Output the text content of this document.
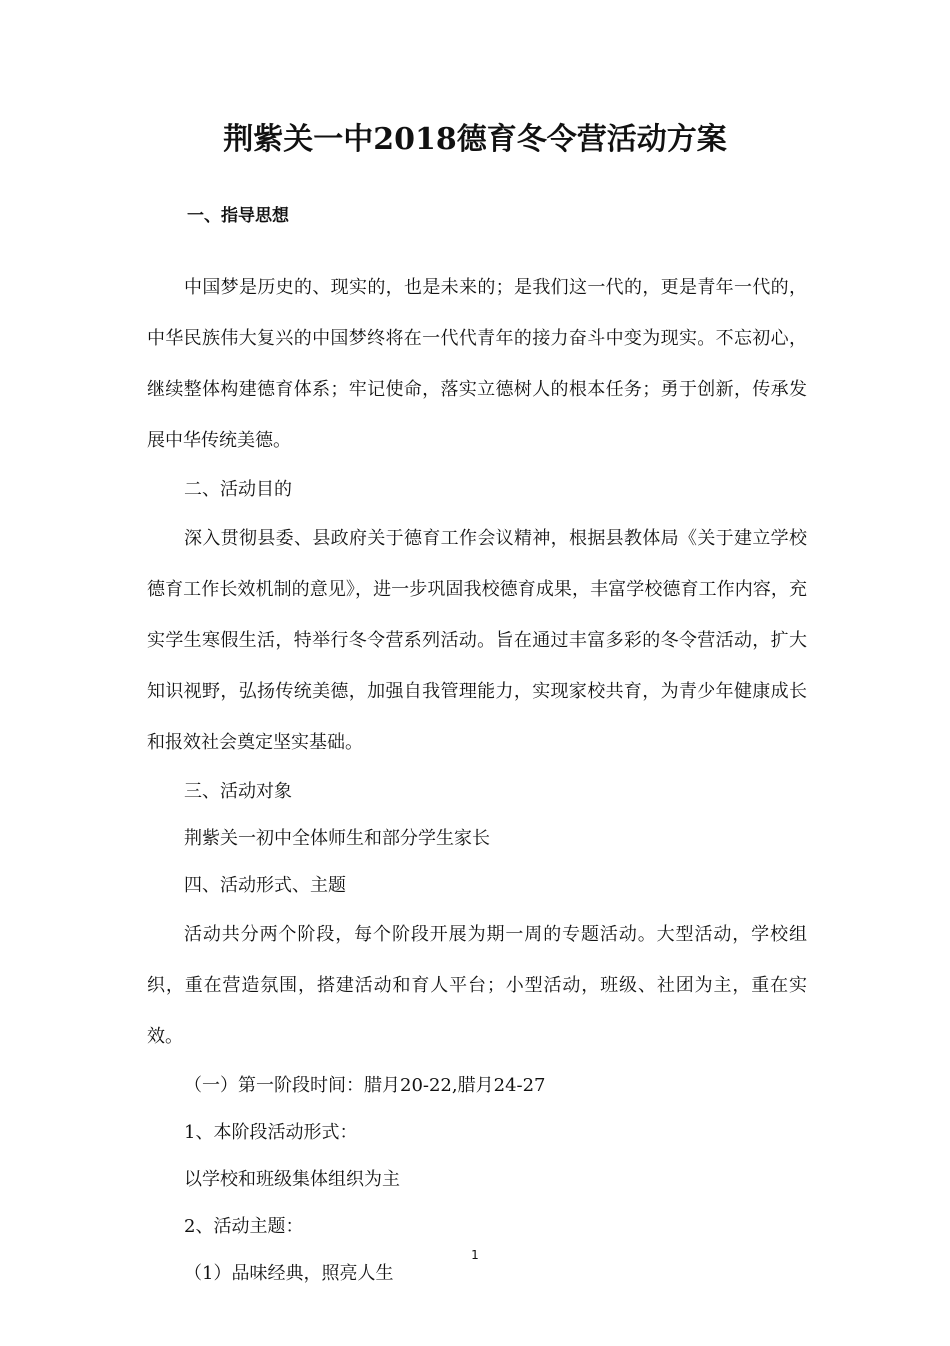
荆紫关一中2018德育冬令营活动方案
一、指导思想

中国梦是历史的、现实的，也是未来的；是我们这一代的，更是青年一代的，中华民族伟大复兴的中国梦终将在一代代青年的接力奋斗中变为现实。不忘初心，继续整体构建德育体系；牢记使命，落实立德树人的根本任务；勇于创新，传承发展中华传统美德。

二、活动目的

深入贯彻县委、县政府关于德育工作会议精神，根据县教体局《关于建立学校德育工作长效机制的意见》，进一步巩固我校德育成果，丰富学校德育工作内容，充实学生寒假生活，特举行冬令营系列活动。旨在通过丰富多彩的冬令营活动，扩大知识视野，弘扬传统美德，加强自我管理能力，实现家校共育，为青少年健康成长和报效社会奠定坚实基础。

三、活动对象

荆紫关一初中全体师生和部分学生家长

四、活动形式、主题

活动共分两个阶段，每个阶段开展为期一周的专题活动。大型活动，学校组织，重在营造氛围，搭建活动和育人平台；小型活动，班级、社团为主，重在实效。

（一）第一阶段时间：腊月20-22,腊月24-27

1、本阶段活动形式：

以学校和班级集体组织为主

2、活动主题：

（1）品味经典，照亮人生

1
